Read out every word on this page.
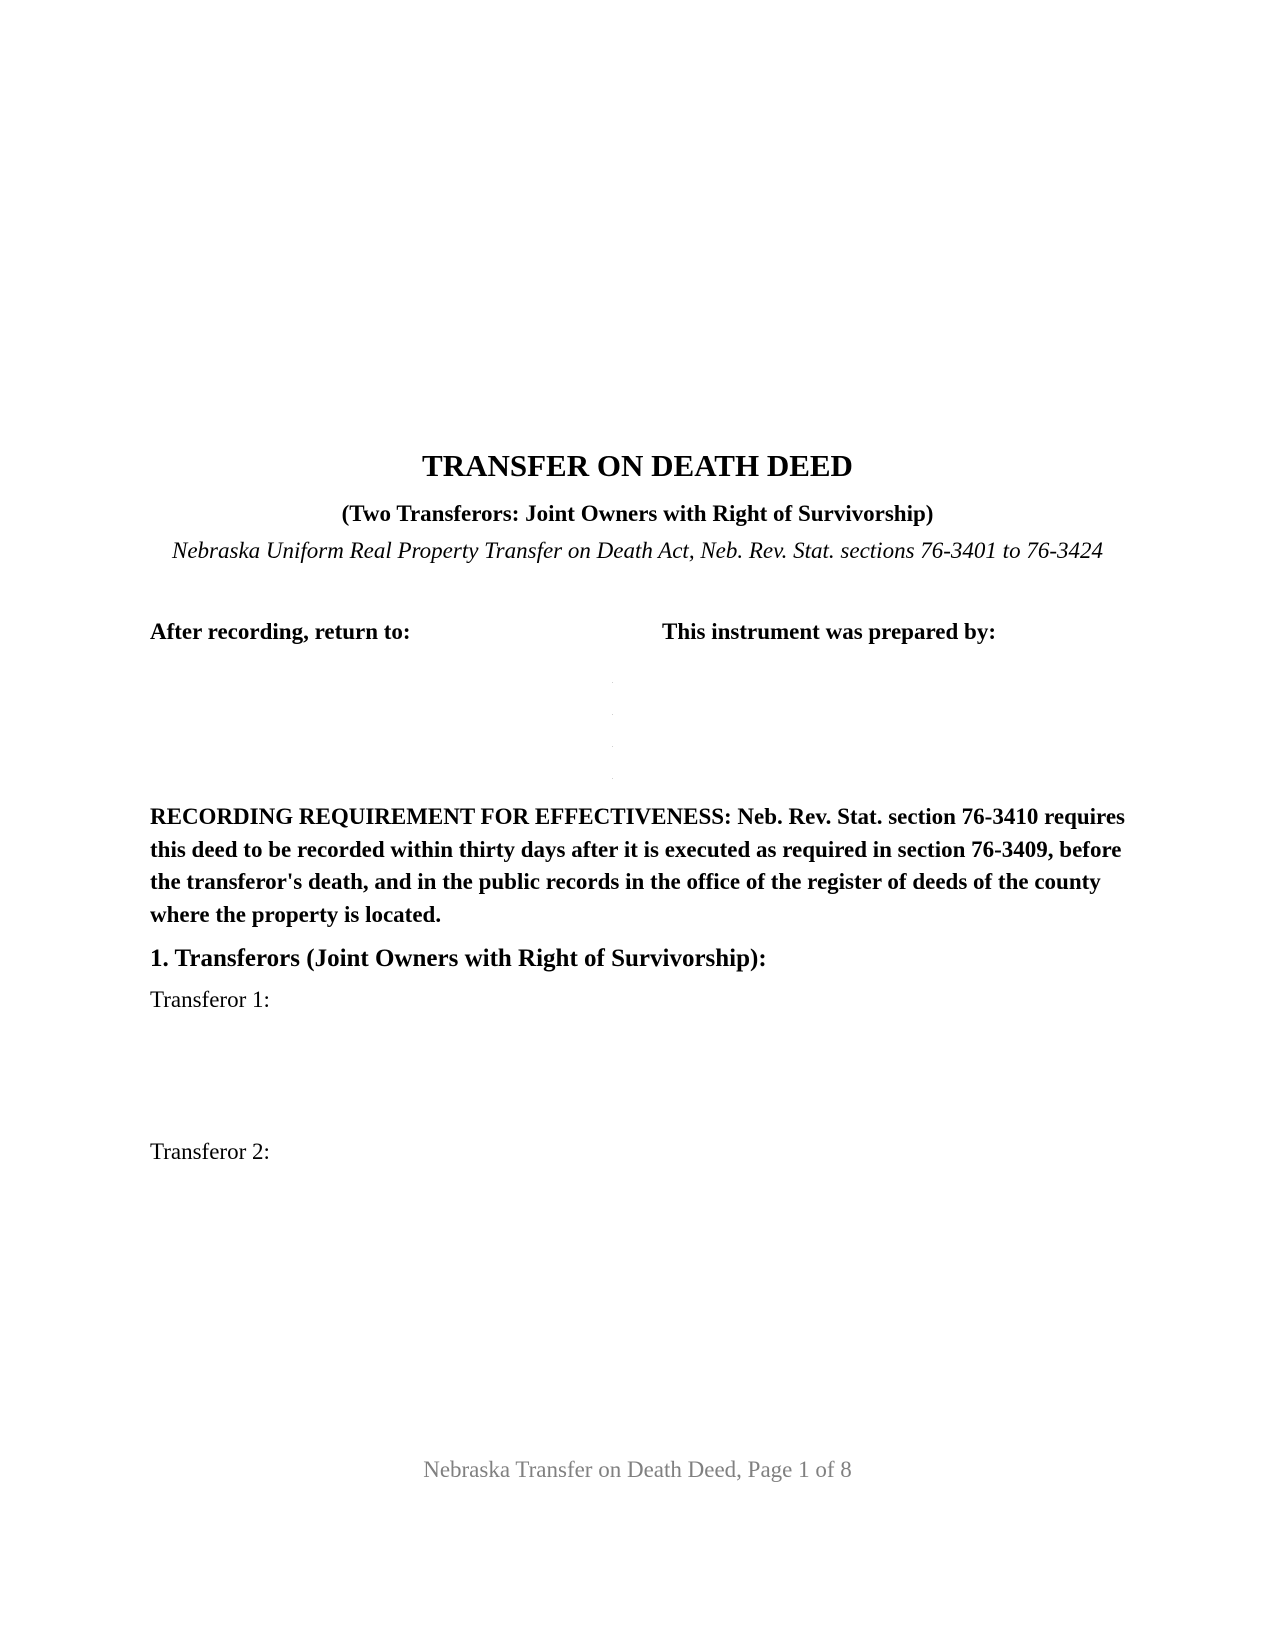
TRANSFER ON DEATH DEED
(Two Transferors: Joint Owners with Right of Survivorship)

Nebraska Uniform Real Property Transfer on Death Act, Neb. Rev. Stat. sections 76-3401 to 76-3424

After recording, return to:	This instrument was prepared by:

RECORDING REQUIREMENT FOR EFFECTIVENESS: Neb. Rev. Stat. section 76-3410 requires this deed to be recorded within thirty days after it is executed as required in section 76-3409, before the transferor's death, and in the public records in the office of the register of deeds of the county where the property is located.

1. Transferors (Joint Owners with Right of Survivorship):

Transferor 1:

Transferor 2:

Nebraska Transfer on Death Deed, Page 1 of 8
